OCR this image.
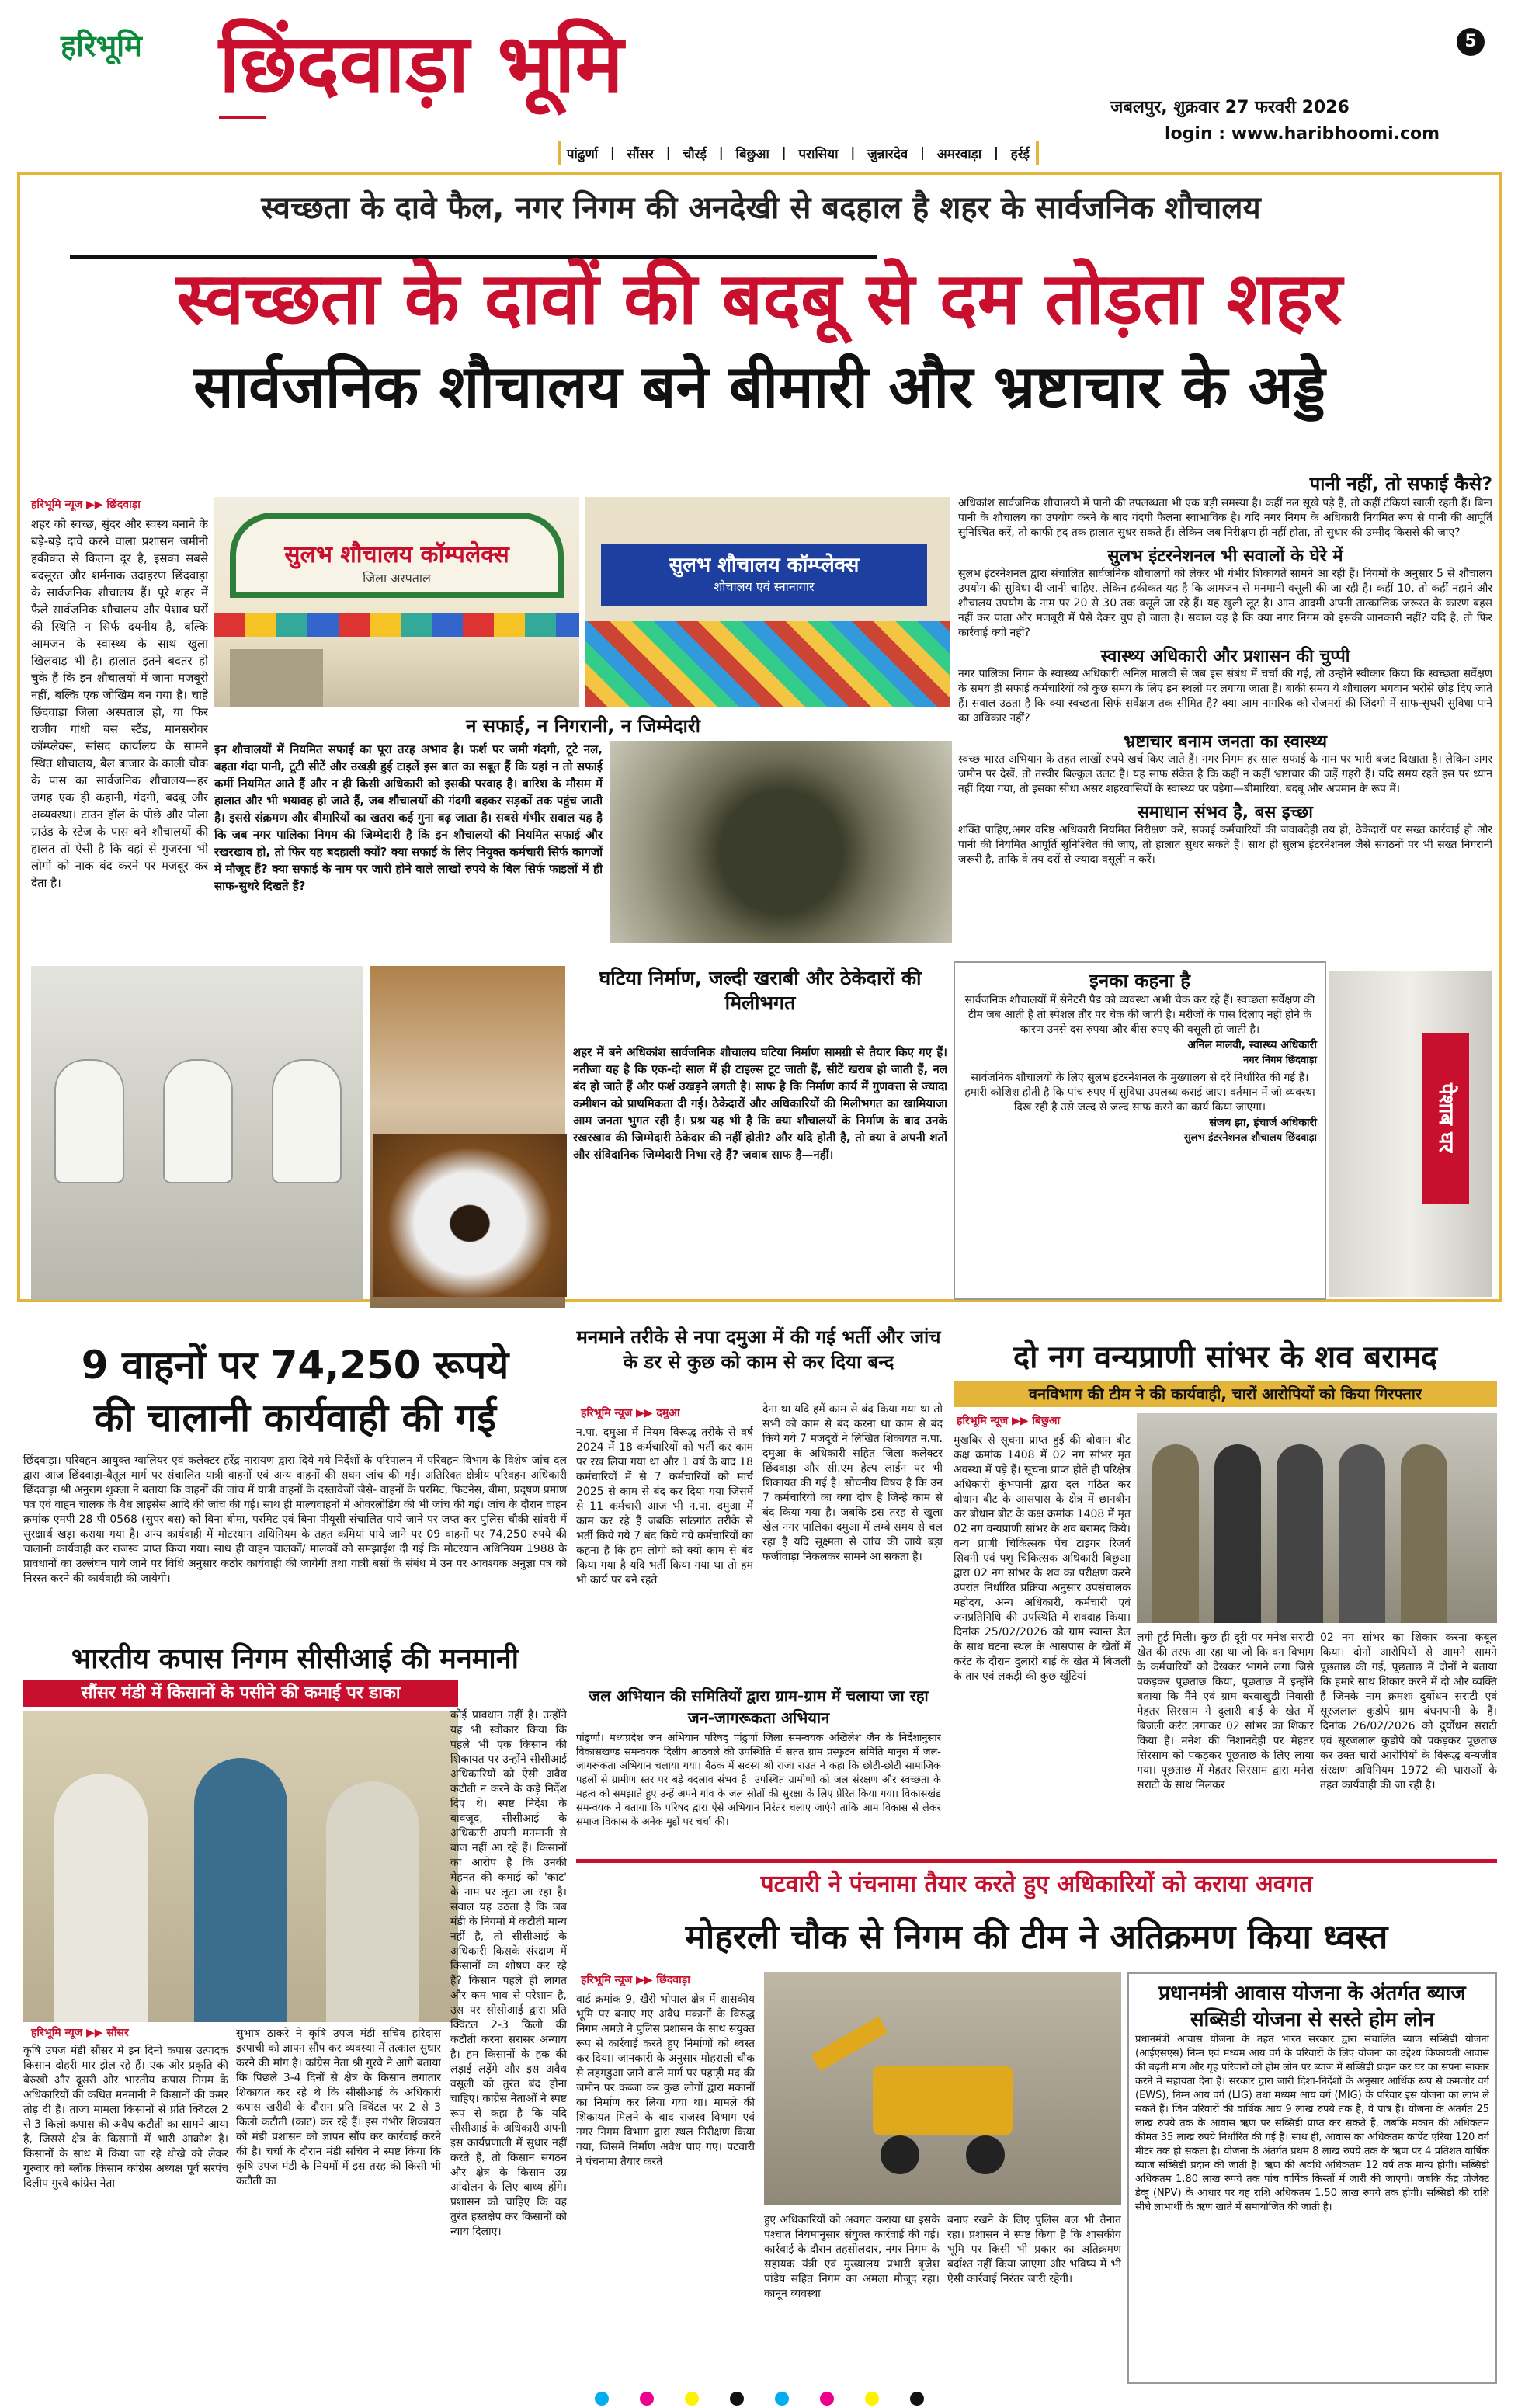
हरिभूमि छिंदवाड़ा भूमि	5
जबलपुर, शुक्रवार 27 फरवरी 2026
login : www.haribhoomi.com
पांढुर्णा | सौंसर | चौरई | बिछुआ | परासिया | जुन्नारदेव | अमरवाड़ा | हर्रई
स्वच्छता के दावे फैल, नगर निगम की अनदेखी से बदहाल है शहर के सार्वजनिक शौचालय
स्वच्छता के दावों की बदबू से दम तोड़ता शहर
सार्वजनिक शौचालय बने बीमारी और भ्रष्टाचार के अड्डे
हरिभूमि न्यूज ▶▶ छिंदवाड़ा
शहर को स्वच्छ, सुंदर और स्वस्थ बनाने के बड़े-बड़े दावे करने वाला प्रशासन जमीनी हकीकत से कितना दूर है, इसका सबसे बदसूरत और शर्मनाक उदाहरण छिंदवाड़ा के सार्वजनिक शौचालय हैं। पूरे शहर में फैले सार्वजनिक शौचालय और पेशाब घरों की स्थिति न सिर्फ दयनीय है, बल्कि आमजन के स्वास्थ्य के साथ खुला खिलवाड़ भी है। हालात इतने बदतर हो चुके हैं कि इन शौचालयों में जाना मजबूरी नहीं, बल्कि एक जोखिम बन गया है। चाहे छिंदवाड़ा जिला अस्पताल हो, या फिर राजीव गांधी बस स्टैंड, मानसरोवर कॉम्प्लेक्स, सांसद कार्यालय के सामने स्थित शौचालय, बैल बाजार के काली चौक के पास का सार्वजनिक शौचालय—हर जगह एक ही कहानी, गंदगी, बदबू और अव्यवस्था। टाउन हॉल के पीछे और पोला ग्राउंड के स्टेज के पास बने शौचालयों की हालत तो ऐसी है कि वहां से गुजरना भी लोगों को नाक बंद करने पर मजबूर कर देता है।
सुलभ शौचालय कॉम्पलेक्स
जिला अस्पताल
सुलभ शौचालय कॉम्प्लेक्स
शौचालय एवं स्नानागार
न सफाई, न निगरानी, न जिम्मेदारी
इन शौचालयों में नियमित सफाई का पूरा तरह अभाव है। फर्श पर जमी गंदगी, टूटे नल, बहता गंदा पानी, टूटी सीटें और उखड़ी हुई टाइलें इस बात का सबूत हैं कि यहां न तो सफाई कर्मी नियमित आते हैं और न ही किसी अधिकारी को इसकी परवाह है। बारिश के मौसम में हालात और भी भयावह हो जाते हैं, जब शौचालयों की गंदगी बहकर सड़कों तक पहुंच जाती है। इससे संक्रमण और बीमारियों का खतरा कई गुना बढ़ जाता है। सबसे गंभीर सवाल यह है कि जब नगर पालिका निगम की जिम्मेदारी है कि इन शौचालयों की नियमित सफाई और रखरखाव हो, तो फिर यह बदहाली क्यों? क्या सफाई के लिए नियुक्त कर्मचारी सिर्फ कागजों में मौजूद हैं? क्या सफाई के नाम पर जारी होने वाले लाखों रुपये के बिल सिर्फ फाइलों में ही साफ-सुथरे दिखते हैं?
घटिया निर्माण, जल्दी खराबी और ठेकेदारों की मिलीभगत
शहर में बने अधिकांश सार्वजनिक शौचालय घटिया निर्माण सामग्री से तैयार किए गए हैं। नतीजा यह है कि एक-दो साल में ही टाइल्स टूट जाती हैं, सीटें खराब हो जाती हैं, नल बंद हो जाते हैं और फर्श उखड़ने लगती है। साफ है कि निर्माण कार्य में गुणवत्ता से ज्यादा कमीशन को प्राथमिकता दी गई। ठेकेदारों और अधिकारियों की मिलीभगत का खामियाजा आम जनता भुगत रही है। प्रश्न यह भी है कि क्या शौचालयों के निर्माण के बाद उनके रखरखाव की जिम्मेदारी ठेकेदार की नहीं होती? और यदि होती है, तो क्या वे अपनी शर्तों और संविदानिक जिम्मेदारी निभा रहे हैं? जवाब साफ है—नहीं।
पानी नहीं, तो सफाई कैसे?
अधिकांश सार्वजनिक शौचालयों में पानी की उपलब्धता भी एक बड़ी समस्या है। कहीं नल सूखे पड़े हैं, तो कहीं टंकियां खाली रहती हैं। बिना पानी के शौचालय का उपयोग करने के बाद गंदगी फैलना स्वाभाविक है। यदि नगर निगम के अधिकारी नियमित रूप से पानी की आपूर्ति सुनिश्चित करें, तो काफी हद तक हालात सुधर सकते हैं। लेकिन जब निरीक्षण ही नहीं होता, तो सुधार की उम्मीद किससे की जाए?
सुलभ इंटरनेशनल भी सवालों के घेरे में
सुलभ इंटरनेशनल द्वारा संचालित सार्वजनिक शौचालयों को लेकर भी गंभीर शिकायतें सामने आ रही हैं। नियमों के अनुसार 5 से शौचालय उपयोग की सुविधा दी जानी चाहिए, लेकिन हकीकत यह है कि आमजन से मनमानी वसूली की जा रही है। कहीं 10, तो कहीं नहाने और शौचालय उपयोग के नाम पर 20 से 30 तक वसूले जा रहे हैं। यह खुली लूट है। आम आदमी अपनी तात्कालिक जरूरत के कारण बहस नहीं कर पाता और मजबूरी में पैसे देकर चुप हो जाता है। सवाल यह है कि क्या नगर निगम को इसकी जानकारी नहीं? यदि है, तो फिर कार्रवाई क्यों नहीं?
स्वास्थ्य अधिकारी और प्रशासन की चुप्पी
नगर पालिका निगम के स्वास्थ्य अधिकारी अनिल मालवी से जब इस संबंध में चर्चा की गई, तो उन्होंने स्वीकार किया कि स्वच्छता सर्वेक्षण के समय ही सफाई कर्मचारियों को कुछ समय के लिए इन स्थलों पर लगाया जाता है। बाकी समय ये शौचालय भगवान भरोसे छोड़ दिए जाते हैं। सवाल उठता है कि क्या स्वच्छता सिर्फ सर्वेक्षण तक सीमित है? क्या आम नागरिक को रोजमर्रा की जिंदगी में साफ-सुथरी सुविधा पाने का अधिकार नहीं?
भ्रष्टाचार बनाम जनता का स्वास्थ्य
स्वच्छ भारत अभियान के तहत लाखों रुपये खर्च किए जाते हैं। नगर निगम हर साल सफाई के नाम पर भारी बजट दिखाता है। लेकिन अगर जमीन पर देखें, तो तस्वीर बिल्कुल उलट है। यह साफ संकेत है कि कहीं न कहीं भ्रष्टाचार की जड़ें गहरी हैं। यदि समय रहते इस पर ध्यान नहीं दिया गया, तो इसका सीधा असर शहरवासियों के स्वास्थ्य पर पड़ेगा—बीमारियां, बदबू और अपमान के रूप में।
समाधान संभव है, बस इच्छा
शक्ति पाहिए,अगर वरिष्ठ अधिकारी नियमित निरीक्षण करें, सफाई कर्मचारियों की जवाबदेही तय हो, ठेकेदारों पर सख्त कार्रवाई हो और पानी की नियमित आपूर्ति सुनिश्चित की जाए, तो हालात सुधर सकते हैं। साथ ही सुलभ इंटरनेशनल जैसे संगठनों पर भी सख्त निगरानी जरूरी है, ताकि वे तय दरों से ज्यादा वसूली न करें।
इनका कहना है
सार्वजनिक शौचालयों में सेनेटरी पैड को व्यवस्था अभी चेक कर रहे हैं। स्वच्छता सर्वेक्षण की टीम जब आती है तो स्पेशल तौर पर चेक की जाती है। मरीजों के पास दिलाए नहीं होने के कारण उनसे दस रुपया और बीस रुपए की वसूली हो जाती है।
अनिल मालवी, स्वास्थ्य अधिकारी
नगर निगम छिंदवाड़ा
सार्वजनिक शौचालयों के लिए सुलभ इंटरनेशनल के मुख्यालय से दरें निर्धारित की गई हैं। हमारी कोशिश होती है कि पांच रुपए में सुविधा उपलब्ध कराई जाए। वर्तमान में जो व्यवस्था दिख रही है उसे जल्द से जल्द साफ करने का कार्य किया जाएगा।
संजय झा, इंचार्ज अधिकारी
सुलभ इंटरनेशनल शौचालय छिंदवाड़ा	पेशाब घर
9 वाहनों पर 74,250 रूपये
की चालानी कार्यवाही की गई
छिंदवाड़ा। परिवहन आयुक्त ग्वालियर एवं कलेक्टर हरेंद्र नारायण द्वारा दिये गये निर्देशों के परिपालन में परिवहन विभाग के विशेष जांच दल द्वारा आज छिंदवाड़ा-बैतूल मार्ग पर संचालित यात्री वाहनों एवं अन्य वाहनों की सघन जांच की गई। अतिरिक्त क्षेत्रीय परिवहन अधिकारी छिंदवाड़ा श्री अनुराग शुक्ला ने बताया कि वाहनों की जांच में यात्री वाहनों के दस्तावेजों जैसे- वाहनों के परमिट, फिटनेस, बीमा, प्रदूषण प्रमाण पत्र एवं वाहन चालक के वैध लाइसेंस आदि की जांच की गई। साथ ही माल्यवाहनों में ओवरलोडिंग की भी जांच की गई। जांच के दौरान वाहन क्रमांक एमपी 28 पी 0568 (सुपर बस) को बिना बीमा, परमिट एवं बिना पीयूसी संचालित पाये जाने पर जप्त कर पुलिस चौकी सांवरी में सुरक्षार्थ खड़ा कराया गया है। अन्य कार्यवाही में मोटरयान अधिनियम के तहत कमियां पाये जाने पर 09 वाहनों पर 74,250 रुपये की चालानी कार्यवाही कर राजस्व प्राप्त किया गया। साथ ही वाहन चालकों/ मालकों को समझाईश दी गई कि मोटरयान अधिनियम 1988 के प्रावधानों का उल्लंघन पाये जाने पर विधि अनुसार कठोर कार्यवाही की जायेगी तथा यात्री बसों के संबंध में उन पर आवश्यक अनुज्ञा पत्र को निरस्त करने की कार्यवाही की जायेगी।
भारतीय कपास निगम सीसीआई की मनमानी
सौंसर मंडी में किसानों के पसीने की कमाई पर डाका
हरिभूमि न्यूज ▶▶ सौंसर
कृषि उपज मंडी सौंसर में इन दिनों कपास उत्पादक किसान दोहरी मार झेल रहे हैं। एक ओर प्रकृति की बेरुखी और दूसरी ओर भारतीय कपास निगम के अधिकारियों की कथित मनमानी ने किसानों की कमर तोड़ दी है। ताजा मामला किसानों से प्रति क्विंटल 2 से 3 किलो कपास की अवैध कटौती का सामने आया है, जिससे क्षेत्र के किसानों में भारी आक्रोश है। किसानों के साथ में किया जा रहे धोखे को लेकर गुरुवार को ब्लॉक किसान कांग्रेस अध्यक्ष पूर्व सरपंच दिलीप गुरवे कांग्रेस नेता
सुभाष ठाकरे ने कृषि उपज मंडी सचिव हरिदास इरपाची को ज्ञापन सौंप कर व्यवस्था में तत्काल सुधार करने की मांग है। कांग्रेस नेता श्री गुरवे ने आगे बताया कि पिछले 3-4 दिनों से क्षेत्र के किसान लगातार शिकायत कर रहे थे कि सीसीआई के अधिकारी कपास खरीदी के दौरान प्रति क्विंटल पर 2 से 3 किलो कटौती (काट) कर रहे हैं। इस गंभीर शिकायत को मंडी प्रशासन को ज्ञापन सौंप कर कार्रवाई करने की है। चर्चा के दौरान मंडी सचिव ने स्पष्ट किया कि कृषि उपज मंडी के नियमों में इस तरह की किसी भी कटौती का
कोई प्रावधान नहीं है। उन्होंने यह भी स्वीकार किया कि पहले भी एक किसान की शिकायत पर उन्होंने सीसीआई अधिकारियों को ऐसी अवैध कटौती न करने के कड़े निर्देश दिए थे। स्पष्ट निर्देश के बावजूद, सीसीआई के अधिकारी अपनी मनमानी से बाज नहीं आ रहे हैं। किसानों का आरोप है कि उनकी मेहनत की कमाई को 'काट' के नाम पर लूटा जा रहा है। सवाल यह उठता है कि जब मंडी के नियमों में कटौती मान्य नहीं है, तो सीसीआई के अधिकारी किसके संरक्षण में किसानों का शोषण कर रहे हैं? किसान पहले ही लागत और कम भाव से परेशान है, उस पर सीसीआई द्वारा प्रति क्विंटल 2-3 किलो की कटौती करना सरासर अन्याय है। हम किसानों के हक की लड़ाई लड़ेंगे और इस अवैध वसूली को तुरंत बंद होना चाहिए। कांग्रेस नेताओं ने स्पष्ट रूप से कहा है कि यदि सीसीआई के अधिकारी अपनी इस कार्यप्रणाली में सुधार नहीं करते हैं, तो किसान संगठन और क्षेत्र के किसान उग्र आंदोलन के लिए बाध्य होंगे। प्रशासन को चाहिए कि वह तुरंत हस्तक्षेप कर किसानों को न्याय दिलाए।
मनमाने तरीके से नपा दमुआ में की गई भर्ती और जांच के डर से कुछ को काम से कर दिया बन्द
हरिभूमि न्यूज ▶▶ दमुआ
न.पा. दमुआ में नियम विरूद्ध तरीके से वर्ष 2024 में 18 कर्मचारियों को भर्ती कर काम पर रख लिया गया था और 1 वर्ष के बाद 18 कर्मचारियों में से 7 कर्मचारियों को मार्च 2025 से काम से बंद कर दिया गया जिसमें से 11 कर्मचारी आज भी न.पा. दमुआ में काम कर रहे हैं जबकि सांठगांठ तरीके से भर्ती किये गये 7 बंद किये गये कर्मचारियों का कहना है कि हम लोगो को क्यो काम से बंद किया गया है यदि भर्ती किया गया था तो हम भी कार्य पर बने रहते
देना था यदि हमें काम से बंद किया गया था तो सभी को काम से बंद करना था काम से बंद किये गये 7 मजदूरों ने लिखित शिकायत न.पा. दमुआ के अधिकारी सहित जिला कलेक्टर छिंदवाड़ा और सी.एम हेल्प लाईन पर भी शिकायत की गई है। सोचनीय विषय है कि उन 7 कर्मचारियों का क्या दोष है जिन्हे काम से बंद किया गया है। जबकि इस तरह से खुला खेल नगर पालिका दमुआ में लम्बे समय से चल रहा है यदि सूक्ष्मता से जांच की जाये बड़ा फर्जीवाड़ा निकलकर सामने आ सकता है।
जल अभियान की समितियों द्वारा ग्राम-ग्राम में चलाया जा रहा जन-जागरूकता अभियान
पांढुर्णा। मध्यप्रदेश जन अभियान परिषद् पांढुर्णा जिला समन्वयक अखिलेश जैन के निर्देशानुसार विकासखण्ड समन्वयक दिलीप आठवले की उपस्थिति में सतत ग्राम प्रस्फुटन समिति मानुरा में जल-जागरूकता अभियान चलाया गया। बैठक में सदस्य श्री राजा राउत ने कहा कि छोटी-छोटी सामाजिक पहलों से ग्रामीण स्तर पर बड़े बदलाव संभव है। उपस्थित ग्रामीणों को जल संरक्षण और स्वच्छता के महत्व को समझाते हुए उन्हें अपने गांव के जल स्रोतों की सुरक्षा के लिए प्रेरित किया गया। विकासखंड समन्वयक ने बताया कि परिषद द्वारा ऐसे अभियान निरंतर चलाए जाएंगे ताकि आम विकास से लेकर समाज विकास के अनेक मुद्दों पर चर्चा की।
दो नग वन्यप्राणी सांभर के शव बरामद
वनविभाग की टीम ने की कार्यवाही, चारों आरोपियों को किया गिरफ्तार
हरिभूमि न्यूज ▶▶ बिछुआ
मुखबिर से सूचना प्राप्त हुई की बोधान बीट कक्ष क्रमांक 1408 में 02 नग सांभर मृत अवस्था में पड़े हैं। सूचना प्राप्त होते ही परिक्षेत्र अधिकारी कुंभपानी द्वारा दल गठित कर बोधान बीट के आसपास के क्षेत्र में छानबीन कर बोधान बीट के कक्ष क्रमांक 1408 में मृत 02 नग वन्यप्राणी सांभर के शव बरामद किये। वन्य प्राणी चिकित्सक पेंच टाइगर रिजर्व सिवनी एवं पशु चिकित्सक अधिकारी बिछुआ द्वारा 02 नग सांभर के शव का परीक्षण करने उपरांत निर्धारित प्रक्रिया अनुसार उपसंचालक महोदय, अन्य अधिकारी, कर्मचारी एवं जनप्रतिनिधि की उपस्थिति में शवदाह किया। दिनांक 25/02/2026 को ग्राम स्वान्त डेल के साथ घटना स्थल के आसपास के खेतों में करंट के दौरान दुलारी बाई के खेत में बिजली के तार एवं लकड़ी की कुछ खूंटियां
लगी हुई मिली। कुछ ही दूरी पर मनेश सराटी खेत की तरफ आ रहा था जो कि वन विभाग के कर्मचारियों को देखकर भागने लगा जिसे पकड़कर पूछताछ किया, पूछताछ में इन्होंने बताया कि मैंने एवं ग्राम बरवाखुडी निवासी मेहतर सिरसाम ने दुलारी बाई के खेत में बिजली करंट लगाकर 02 सांभर का शिकार किया है। मनेश की निशानदेही पर मेहतर सिरसाम को पकड़कर पूछताछ के लिए लाया गया। पूछताछ में मेहतर सिरसाम द्वारा मनेश सराटी के साथ मिलकर
02 नग सांभर का शिकार करना कबूल किया। दोनों आरोपियों से आमने सामने पूछताछ की गई, पूछताछ में दोनों ने बताया कि हमारे साथ शिकार करने में दो और व्यक्ति हैं जिनके नाम क्रमशः दुर्योधन सराटी एवं सूरजलाल कुडोपे ग्राम बंधनपानी के हैं। दिनांक 26/02/2026 को दुर्योधन सराटी एवं सूरजलाल कुडोपे को पकड़कर पूछताछ कर उक्त चारों आरोपियों के विरूद्ध वन्यजीव संरक्षण अधिनियम 1972 की धाराओं के तहत कार्यवाही की जा रही है।
पटवारी ने पंचनामा तैयार करते हुए अधिकारियों को कराया अवगत
मोहरली चौक से निगम की टीम ने अतिक्रमण किया ध्वस्त
हरिभूमि न्यूज ▶▶ छिंदवाड़ा
वार्ड क्रमांक 9, खैरी भोपाल क्षेत्र में शासकीय भूमि पर बनाए गए अवैध मकानों के विरुद्ध निगम अमले ने पुलिस प्रशासन के साथ संयुक्त रूप से कार्रवाई करते हुए निर्माणों को ध्वस्त कर दिया। जानकारी के अनुसार मोहराली चौक से लहगडुआ जाने वाले मार्ग पर पहाड़ी मद की जमीन पर कब्जा कर कुछ लोगों द्वारा मकानों का निर्माण कर लिया गया था। मामले की शिकायत मिलने के बाद राजस्व विभाग एवं नगर निगम विभाग द्वारा स्थल निरीक्षण किया गया, जिसमें निर्माण अवैध पाए गए। पटवारी ने पंचनामा तैयार करते
हुए अधिकारियों को अवगत कराया था इसके पश्चात नियमानुसार संयुक्त कार्रवाई की गई। कार्रवाई के दौरान तहसीलदार, नगर निगम के सहायक यंत्री एवं मुख्यालय प्रभारी बृजेश पांडेय सहित निगम का अमला मौजूद रहा। कानून व्यवस्था
बनाए रखने के लिए पुलिस बल भी तैनात रहा। प्रशासन ने स्पष्ट किया है कि शासकीय भूमि पर किसी भी प्रकार का अतिक्रमण बर्दाश्त नहीं किया जाएगा और भविष्य में भी ऐसी कार्रवाई निरंतर जारी रहेगी।
प्रधानमंत्री आवास योजना के अंतर्गत ब्याज सब्सिडी योजना से सस्ते होम लोन
प्रधानमंत्री आवास योजना के तहत भारत सरकार द्वारा संचालित ब्याज सब्सिडी योजना (आईएसएस) निम्न एवं मध्यम आय वर्ग के परिवारों के लिए योजना का उद्देश्य किफायती आवास की बढ़ती मांग और गृह परिवारों को होम लोन पर ब्याज में सब्सिडी प्रदान कर घर का सपना साकार करने में सहायता देना है। सरकार द्वारा जारी दिशा-निर्देशों के अनुसार आर्थिक रूप से कमजोर वर्ग (EWS), निम्न आय वर्ग (LIG) तथा मध्यम आय वर्ग (MIG) के परिवार इस योजना का लाभ ले सकते हैं। जिन परिवारों की वार्षिक आय 9 लाख रुपये तक है, वे पात्र हैं। योजना के अंतर्गत 25 लाख रुपये तक के आवास ऋण पर सब्सिडी प्राप्त कर सकते हैं, जबकि मकान की अधिकतम कीमत 35 लाख रुपये निर्धारित की गई है। साथ ही, आवास का अधिकतम कार्पेट एरिया 120 वर्ग मीटर तक हो सकता है। योजना के अंतर्गत प्रथम 8 लाख रुपये तक के ऋण पर 4 प्रतिशत वार्षिक ब्याज सब्सिडी प्रदान की जाती है। ऋण की अवधि अधिकतम 12 वर्ष तक मान्य होगी। सब्सिडी अधिकतम 1.80 लाख रुपये तक पांच वार्षिक किस्तों में जारी की जाएगी। जबकि केंद्र प्रोजेक्ट डेव्हू (NPV) के आधार पर यह राशि अधिकतम 1.50 लाख रुपये तक होगी। सब्सिडी की राशि सीधे लाभार्थी के ऋण खाते में समायोजित की जाती है।
